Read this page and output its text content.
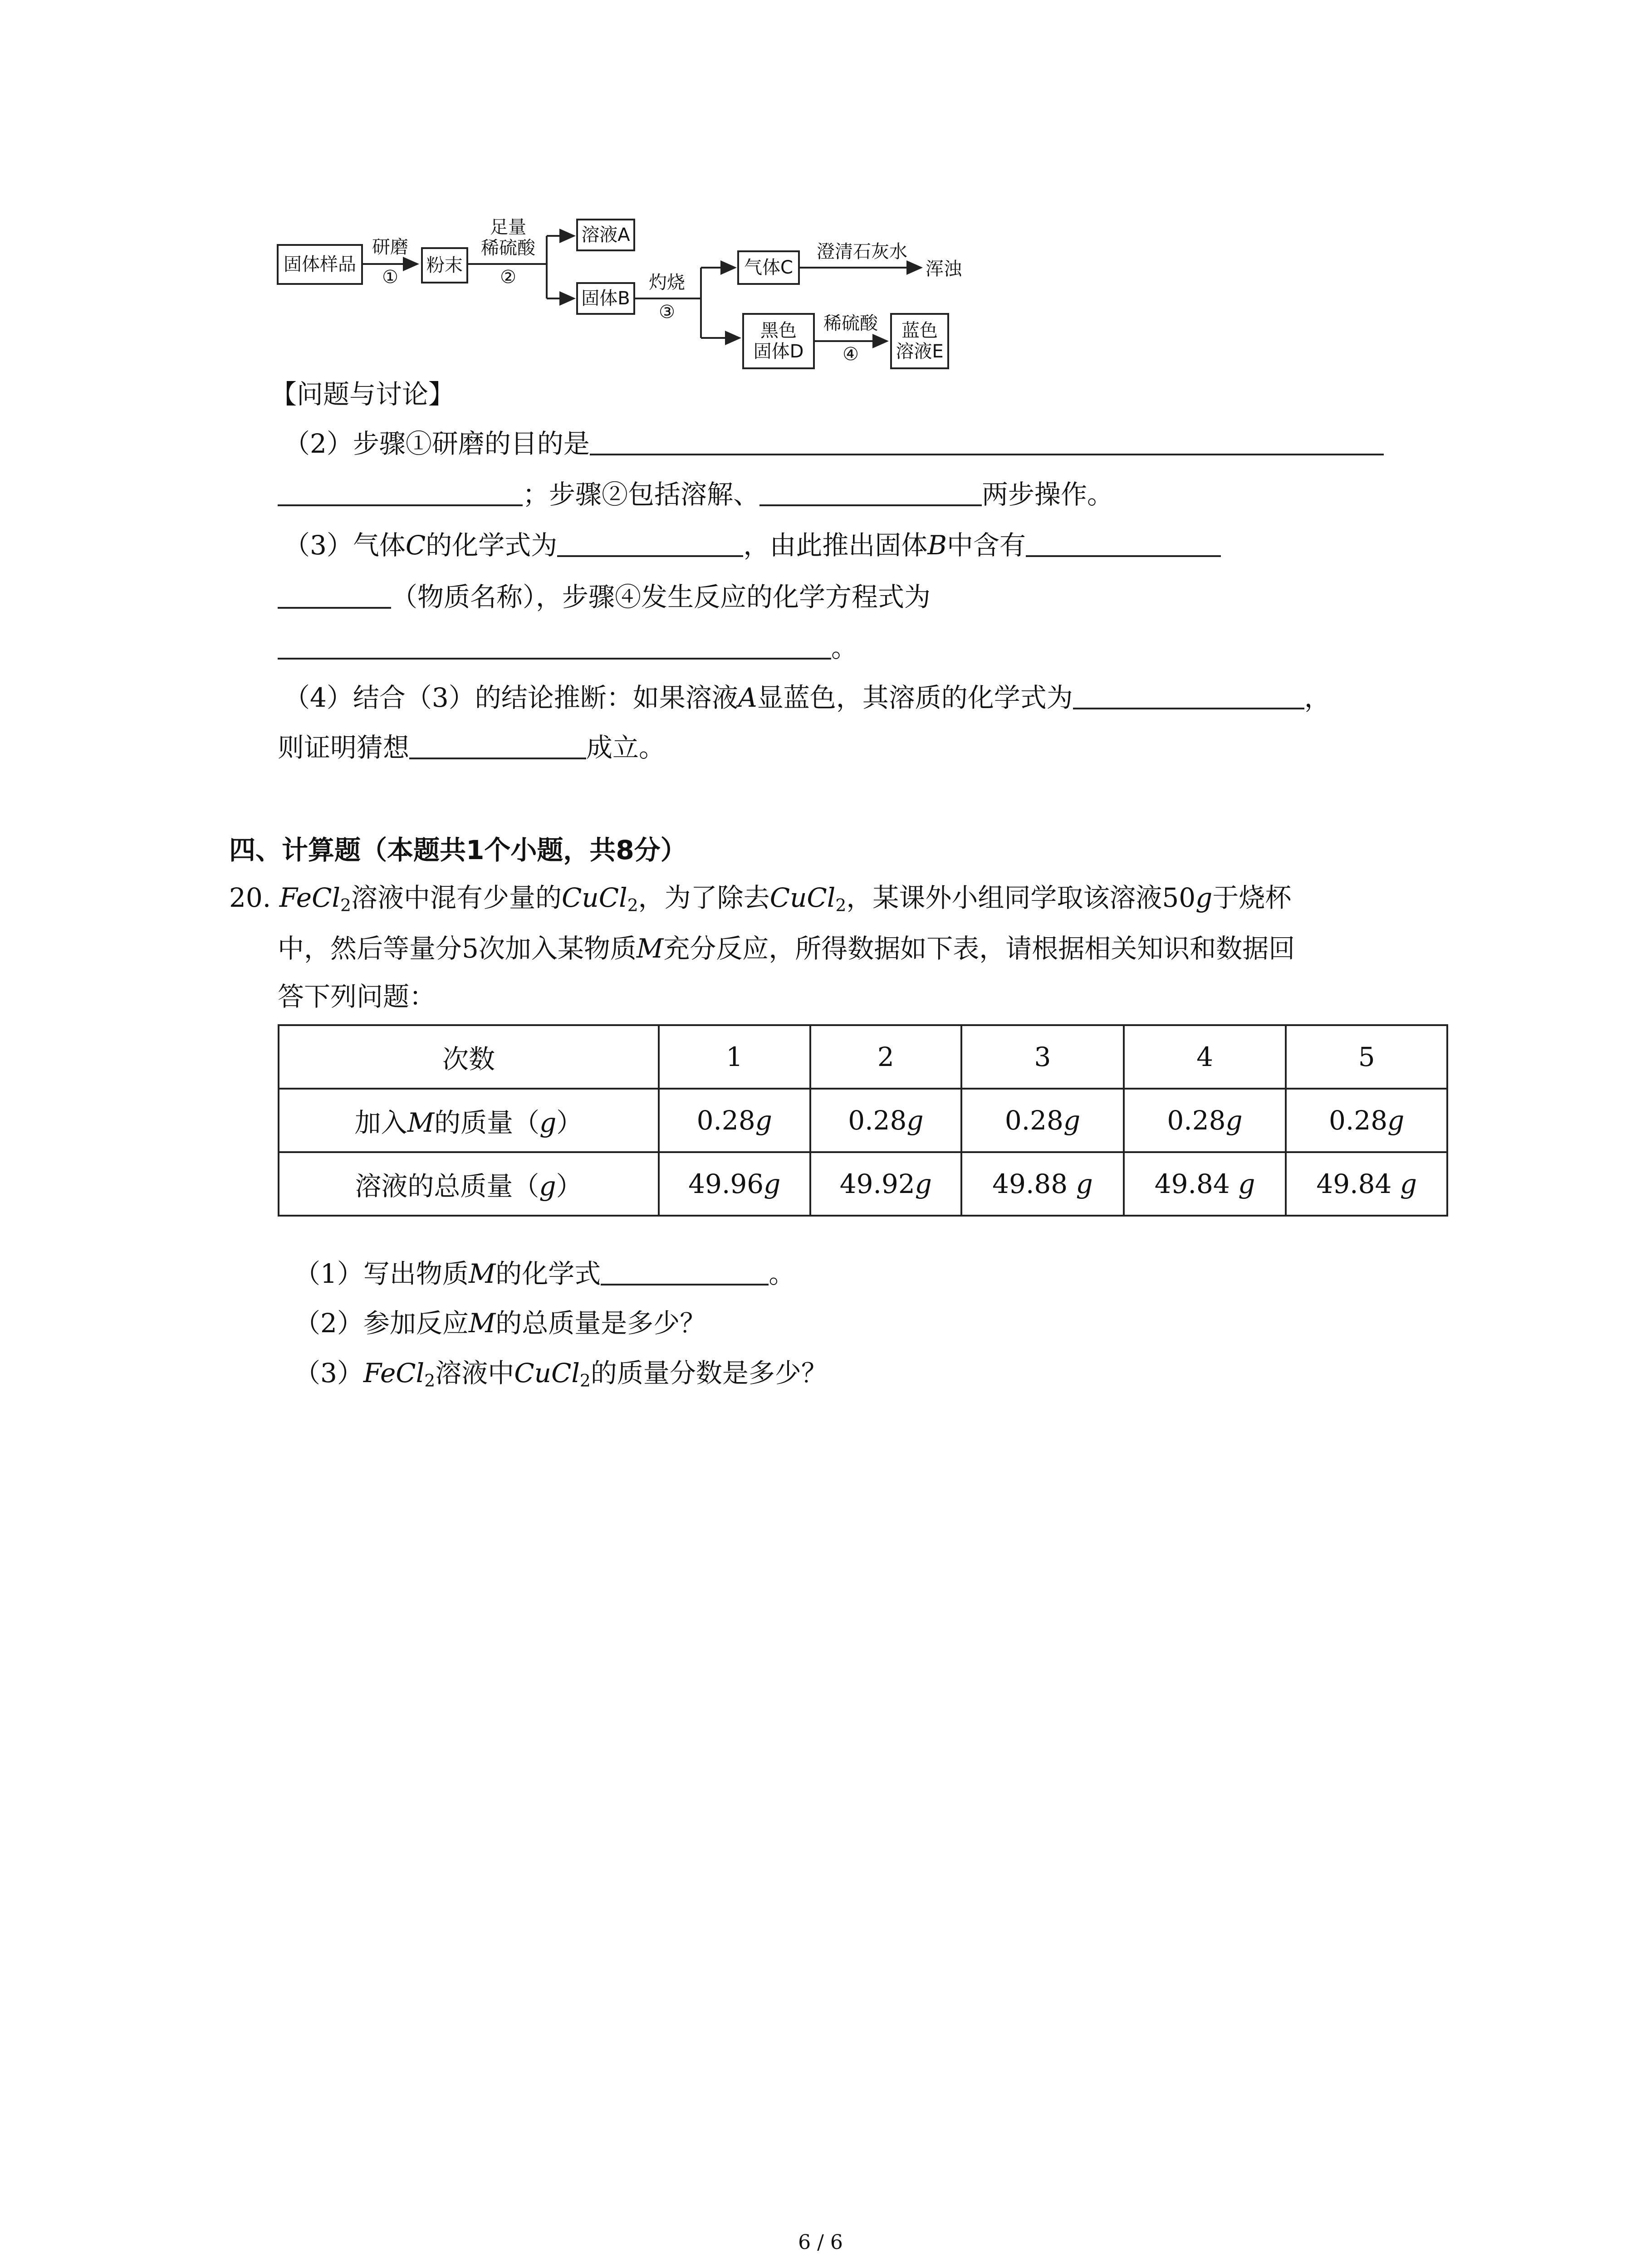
固体样品
研磨
①
粉末
足量
稀硫酸
②
溶液A
固体B
灼烧
③
气体C
澄清石灰水
浑浊
黑色
固体D
稀硫酸
④
蓝色
溶液E
【问题与讨论】
（2）步骤①研磨的目的是
；步骤②包括溶解、	两步操作。
（3）气体C的化学式为	，由此推出固体B中含有
（物质名称），步骤④发生反应的化学方程式为
。
（4）结合（3）的结论推断：如果溶液A显蓝色，其溶质的化学式为	，
则证明猜想	成立。
四、计算题（本题共1个小题，共8分）
20. FeCl$_2$溶液中混有少量的CuCl$_2$，为了除去CuCl$_2$，某课外小组同学取该溶液50g于烧杯
中，然后等量分5次加入某物质M充分反应，所得数据如下表，请根据相关知识和数据回
答下列问题：
次数	1	2	3	4	5
加入M的质量（g）	0.28g	0.28g	0.28g	0.28g	0.28g
溶液的总质量（g）	49.96g	49.92g	49.88 g	49.84 g	49.84 g
（1）写出物质M的化学式	。
（2）参加反应M的总质量是多少？
（3）FeCl$_2$溶液中CuCl$_2$的质量分数是多少？
6 / 6
